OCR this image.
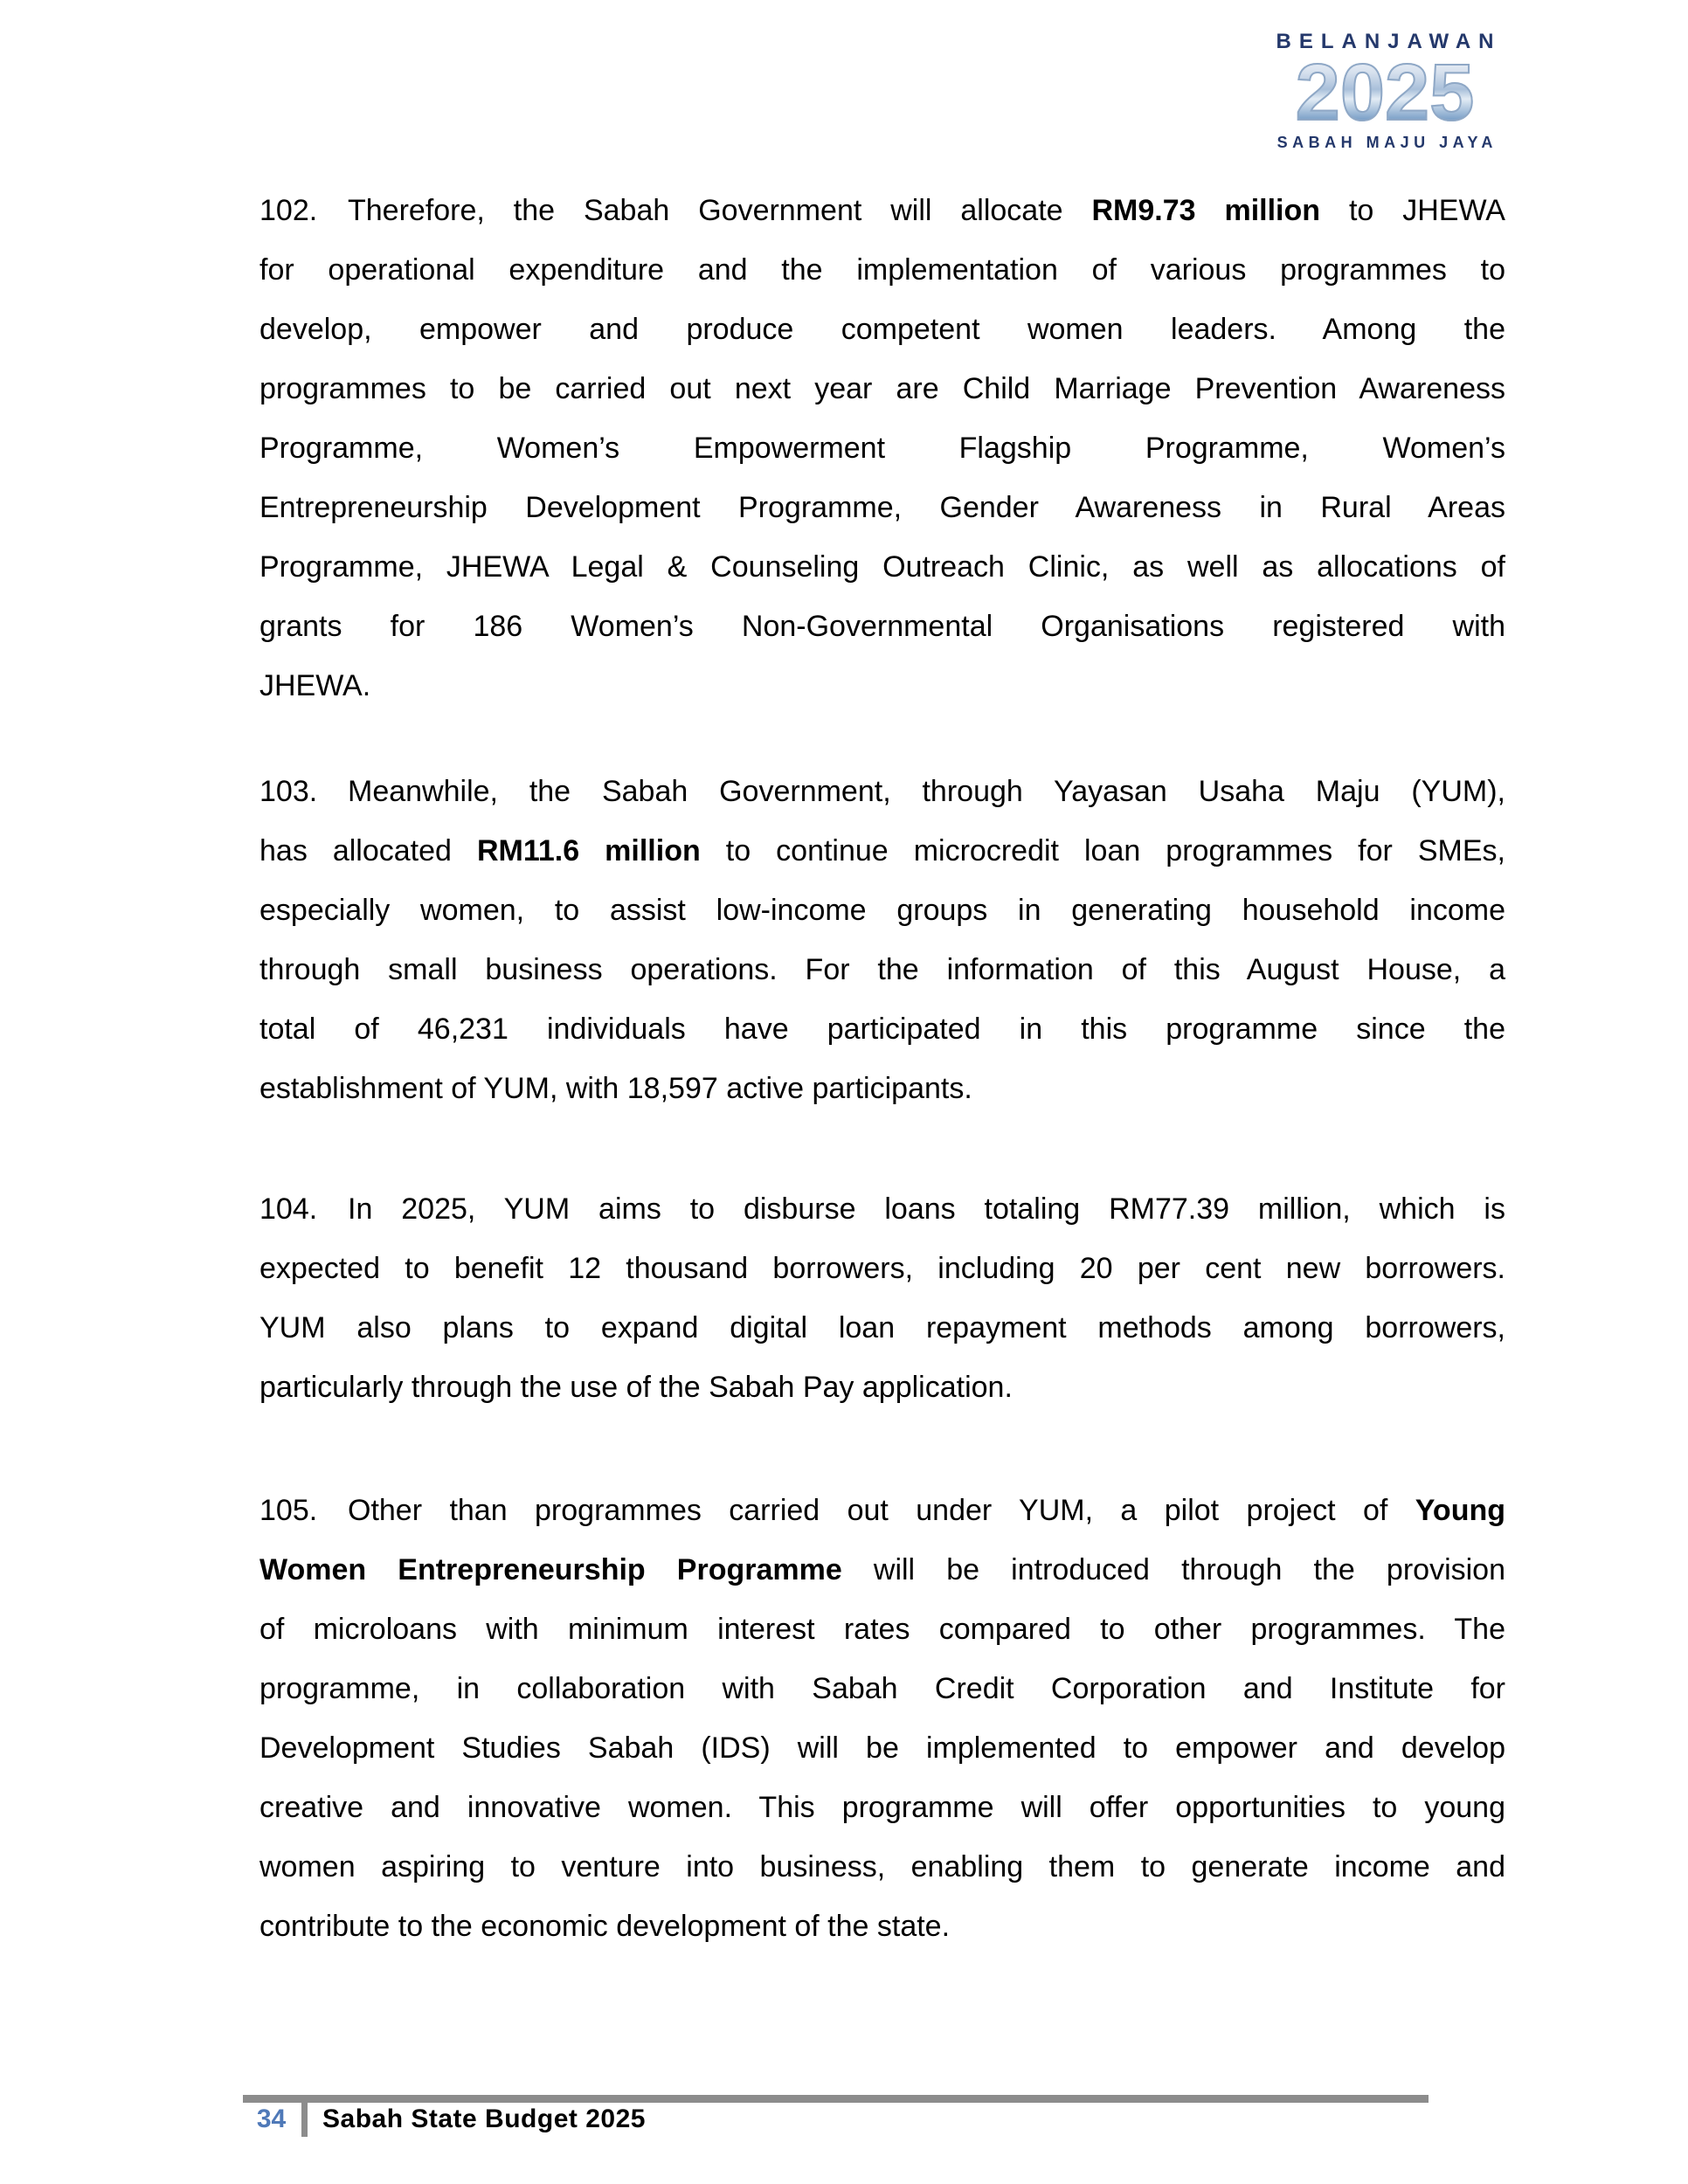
BELANJAWAN
2025
SABAH MAJU JAYA
102. Therefore, the Sabah Government will allocate RM9.73 million to JHEWA
for operational expenditure and the implementation of various programmes to
develop, empower and produce competent women leaders. Among the
programmes to be carried out next year are Child Marriage Prevention Awareness
Programme, Women’s Empowerment Flagship Programme, Women’s
Entrepreneurship Development Programme, Gender Awareness in Rural Areas
Programme, JHEWA Legal & Counseling Outreach Clinic, as well as allocations of
grants for 186 Women’s Non-Governmental Organisations registered with
JHEWA.
103. Meanwhile, the Sabah Government, through Yayasan Usaha Maju (YUM),
has allocated RM11.6 million to continue microcredit loan programmes for SMEs,
especially women, to assist low-income groups in generating household income
through small business operations. For the information of this August House, a
total of 46,231 individuals have participated in this programme since the
establishment of YUM, with 18,597 active participants.
104. In 2025, YUM aims to disburse loans totaling RM77.39 million, which is
expected to benefit 12 thousand borrowers, including 20 per cent new borrowers.
YUM also plans to expand digital loan repayment methods among borrowers,
particularly through the use of the Sabah Pay application.
105. Other than programmes carried out under YUM, a pilot project of Young
Women Entrepreneurship Programme will be introduced through the provision
of microloans with minimum interest rates compared to other programmes. The
programme, in collaboration with Sabah Credit Corporation and Institute for
Development Studies Sabah (IDS) will be implemented to empower and develop
creative and innovative women. This programme will offer opportunities to young
women aspiring to venture into business, enabling them to generate income and
contribute to the economic development of the state.
34	Sabah State Budget 2025
